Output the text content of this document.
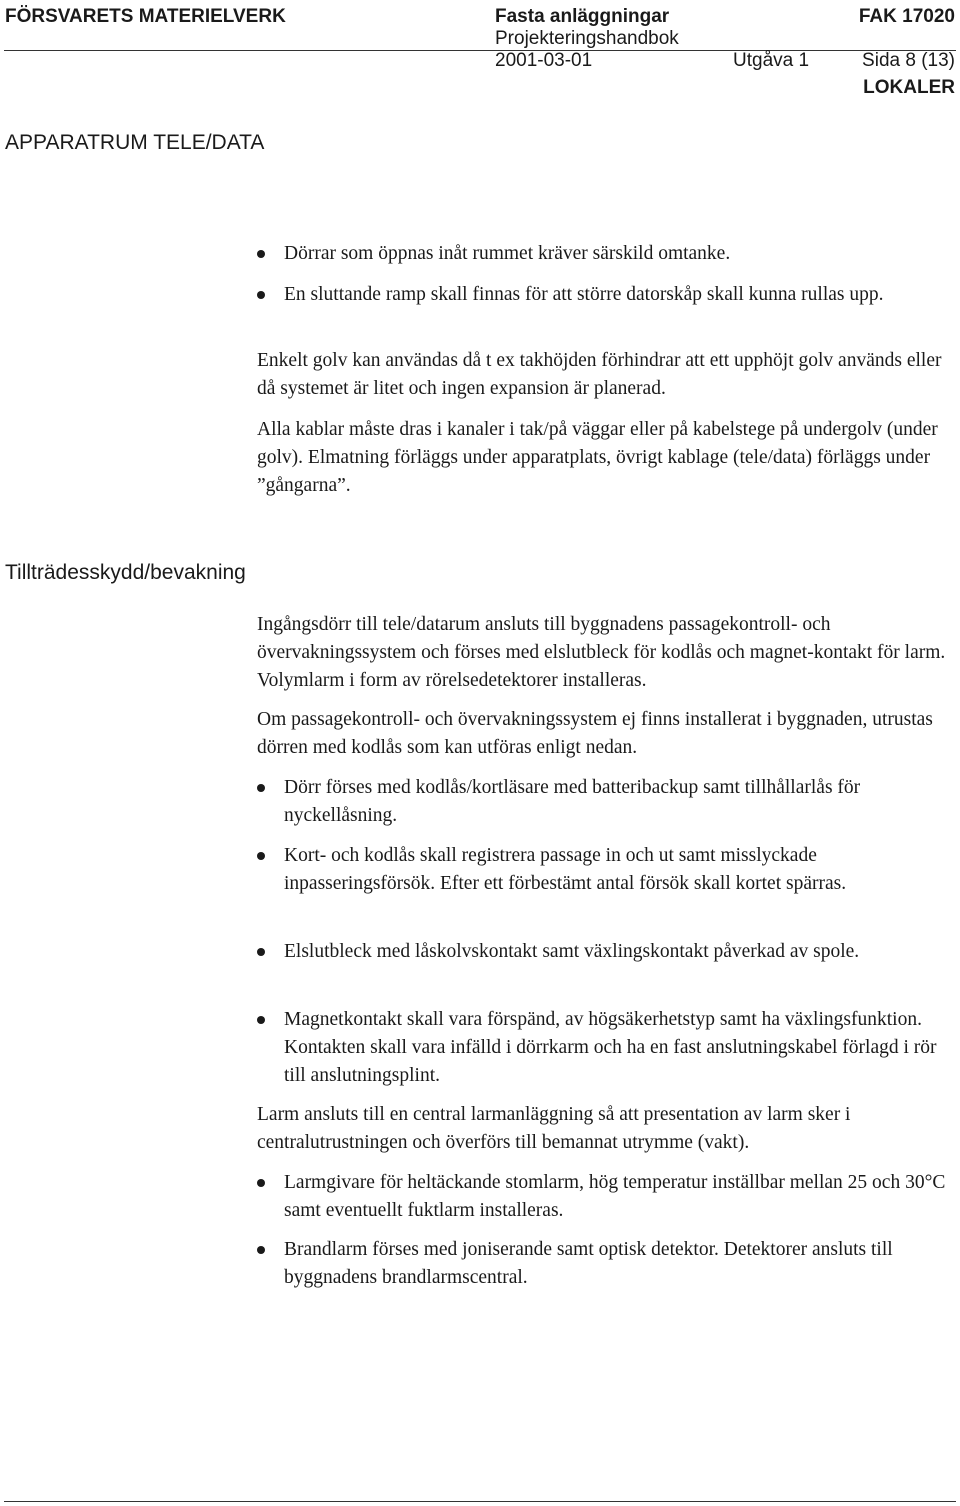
FÖRSVARETS MATERIELVERK	Fasta anläggningar	FAK 17020
Projekteringshandbok
2001-03-01	Utgåva 1	Sida 8 (13)
LOKALER
APPARATRUM TELE/DATA
Dörrar som öppnas inåt rummet kräver särskild omtanke.
En sluttande ramp skall finnas för att större datorskåp skall kunna rullas upp.
Enkelt golv kan användas då t ex takhöjden förhindrar att ett upphöjt golv används eller då systemet är litet och ingen expansion är planerad.
Alla kablar måste dras i kanaler i tak/på väggar eller på kabelstege på undergolv (under golv). Elmatning förläggs under apparatplats, övrigt kablage (tele/data) förläggs under ”gångarna”.
Tillträdesskydd/bevakning
Ingångsdörr till tele/datarum ansluts till byggnadens passagekontroll- och övervakningssystem och förses med elslutbleck för kodlås och magnet-kontakt för larm. Volymlarm i form av rörelsedetektorer installeras.
Om passagekontroll- och övervakningssystem ej finns installerat i byggnaden, utrustas dörren med kodlås som kan utföras enligt nedan.
Dörr förses med kodlås/kortläsare med batteribackup samt tillhållarlås för nyckellåsning.
Kort- och kodlås skall registrera passage in och ut samt misslyckade inpasseringsförsök. Efter ett förbestämt antal försök skall kortet spärras.
Elslutbleck med låskolvskontakt samt växlingskontakt påverkad av spole.
Magnetkontakt skall vara förspänd, av högsäkerhetstyp samt ha växlingsfunktion. Kontakten skall vara infälld i dörrkarm och ha en fast anslutningskabel förlagd i rör till anslutningsplint.
Larm ansluts till en central larmanläggning så att presentation av larm sker i centralutrustningen och överförs till bemannat utrymme (vakt).
Larmgivare för heltäckande stomlarm, hög temperatur inställbar mellan 25 och 30°C samt eventuellt fuktlarm installeras.
Brandlarm förses med joniserande samt optisk detektor. Detektorer ansluts till byggnadens brandlarmscentral.
